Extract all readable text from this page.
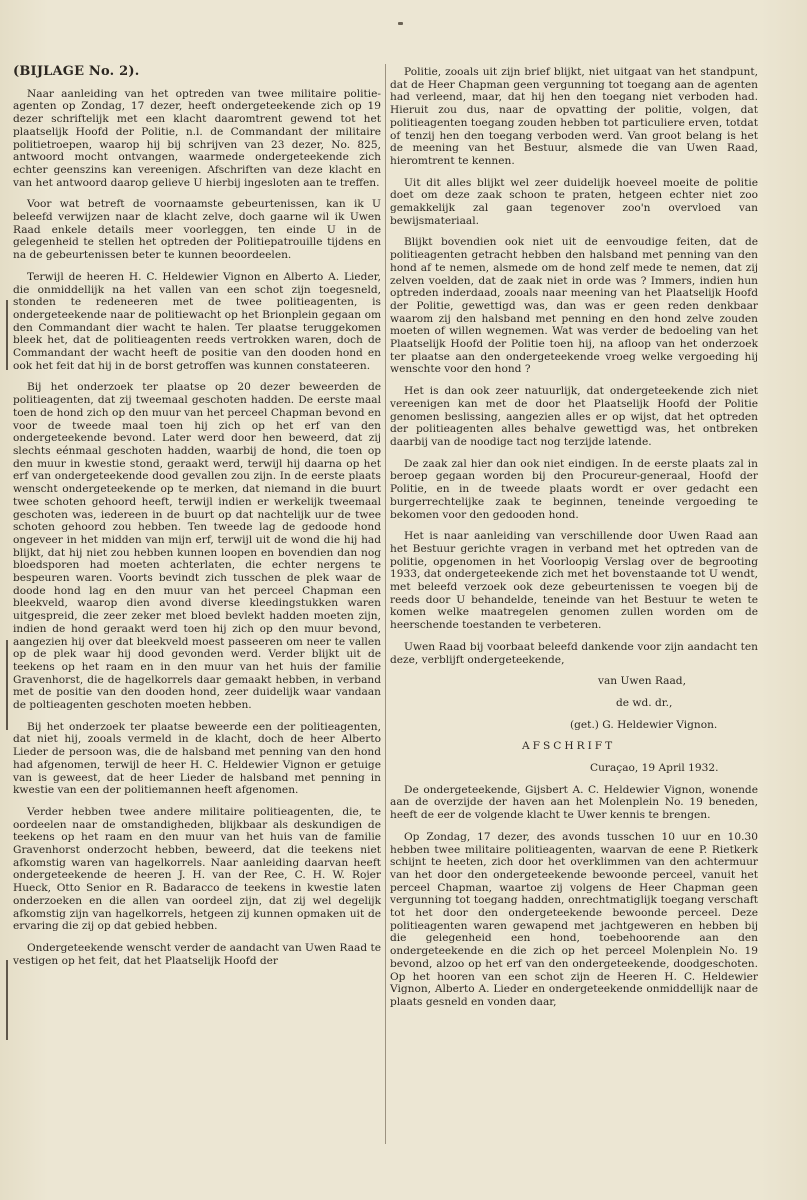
(BIJLAGE No. 2).

Naar aanleiding van het optreden van twee militaire politie-agenten op Zondag, 17 dezer, heeft ondergeteekende zich op 19 dezer schriftelijk met een klacht daaromtrent gewend tot het plaatselijk Hoofd der Politie, n.l. de Commandant der militaire politietroepen, waarop hij bij schrijven van 23 dezer, No. 825, antwoord mocht ontvangen, waarmede ondergeteekende zich echter geenszins kan vereenigen. Afschriften van deze klacht en van het antwoord daarop gelieve U hierbij ingesloten aan te treffen.

Voor wat betreft de voornaamste gebeurtenissen, kan ik U beleefd verwijzen naar de klacht zelve, doch gaarne wil ik Uwen Raad enkele details meer voorleggen, ten einde U in de gelegenheid te stellen het optreden der Politiepatrouille tijdens en na de gebeurtenissen beter te kunnen beoordeelen.

Terwijl de heeren H. C. Heldewier Vignon en Alberto A. Lieder, die onmiddellijk na het vallen van een schot zijn toegesneld, stonden te redeneeren met de twee politieagenten, is ondergeteekende naar de politiewacht op het Brionplein gegaan om den Commandant dier wacht te halen. Ter plaatse teruggekomen bleek het, dat de politieagenten reeds vertrokken waren, doch de Commandant der wacht heeft de positie van den dooden hond en ook het feit dat hij in de borst getroffen was kunnen constateeren.

Bij het onderzoek ter plaatse op 20 dezer beweerden de politieagenten, dat zij tweemaal geschoten hadden. De eerste maal toen de hond zich op den muur van het perceel Chapman bevond en voor de tweede maal toen hij zich op het erf van den ondergeteekende bevond. Later werd door hen beweerd, dat zij slechts eénmaal geschoten hadden, waarbij de hond, die toen op den muur in kwestie stond, geraakt werd, terwijl hij daarna op het erf van ondergeteekende dood gevallen zou zijn. In de eerste plaats wenscht ondergeteekende op te merken, dat niemand in die buurt twee schoten gehoord heeft, terwijl indien er werkelijk tweemaal geschoten was, iedereen in de buurt op dat nachtelijk uur de twee schoten gehoord zou hebben. Ten tweede lag de gedoode hond ongeveer in het midden van mijn erf, terwijl uit de wond die hij had blijkt, dat hij niet zou hebben kunnen loopen en bovendien dan nog bloedsporen had moeten achterlaten, die echter nergens te bespeuren waren. Voorts bevindt zich tusschen de plek waar de doode hond lag en den muur van het perceel Chapman een bleekveld, waarop dien avond diverse kleedingstukken waren uitgespreid, die zeer zeker met bloed bevlekt hadden moeten zijn, indien de hond geraakt werd toen hij zich op den muur bevond, aangezien hij over dat bleekveld moest passeeren om neer te vallen op de plek waar hij dood gevonden werd. Verder blijkt uit de teekens op het raam en in den muur van het huis der familie Gravenhorst, die de hagelkorrels daar gemaakt hebben, in verband met de positie van den dooden hond, zeer duidelijk waar vandaan de poltieagenten geschoten moeten hebben.

Bij het onderzoek ter plaatse beweerde een der politieagenten, dat niet hij, zooals vermeld in de klacht, doch de heer Alberto Lieder de persoon was, die de halsband met penning van den hond had afgenomen, terwijl de heer H. C. Heldewier Vignon er getuige van is geweest, dat de heer Lieder de halsband met penning in kwestie van een der politiemannen heeft afgenomen.

Verder hebben twee andere militaire politieagenten, die, te oordeelen naar de omstandigheden, blijkbaar als deskundigen de teekens op het raam en den muur van het huis van de familie Gravenhorst onderzocht hebben, beweerd, dat die teekens niet afkomstig waren van hagelkorrels. Naar aanleiding daarvan heeft ondergeteekende de heeren J. H. van der Ree, C. H. W. Rojer Hueck, Otto Senior en R. Badaracco de teekens in kwestie laten onderzoeken en die allen van oordeel zijn, dat zij wel degelijk afkomstig zijn van hagelkorrels, hetgeen zij kunnen opmaken uit de ervaring die zij op dat gebied hebben.

Ondergeteekende wenscht verder de aandacht van Uwen Raad te vestigen op het feit, dat het Plaatselijk Hoofd der

Politie, zooals uit zijn brief blijkt, niet uitgaat van het standpunt, dat de Heer Chapman geen vergunning tot toegang aan de agenten had verleend, maar, dat hij hen den toegang niet verboden had. Hieruit zou dus, naar de opvatting der politie, volgen, dat politieagenten toegang zouden hebben tot particuliere erven, totdat of tenzij hen den toegang verboden werd. Van groot belang is het de meening van het Bestuur, alsmede die van Uwen Raad, hieromtrent te kennen.

Uit dit alles blijkt wel zeer duidelijk hoeveel moeite de politie doet om deze zaak schoon te praten, hetgeen echter niet zoo gemakkelijk zal gaan tegenover zoo'n overvloed van bewijsmateriaal.

Blijkt bovendien ook niet uit de eenvoudige feiten, dat de politieagenten getracht hebben den halsband met penning van den hond af te nemen, alsmede om de hond zelf mede te nemen, dat zij zelven voelden, dat de zaak niet in orde was ? Immers, indien hun optreden inderdaad, zooals naar meening van het Plaatselijk Hoofd der Politie, gewettigd was, dan was er geen reden denkbaar waarom zij den halsband met penning en den hond zelve zouden moeten of willen wegnemen. Wat was verder de bedoeling van het Plaatselijk Hoofd der Politie toen hij, na afloop van het onderzoek ter plaatse aan den ondergeteekende vroeg welke vergoeding hij wenschte voor den hond ?

Het is dan ook zeer natuurlijk, dat ondergeteekende zich niet vereenigen kan met de door het Plaatselijk Hoofd der Politie genomen beslissing, aangezien alles er op wijst, dat het optreden der politieagenten alles behalve gewettigd was, het ontbreken daarbij van de noodige tact nog terzijde latende.

De zaak zal hier dan ook niet eindigen. In de eerste plaats zal in beroep gegaan worden bij den Procureur-generaal, Hoofd der Politie, en in de tweede plaats wordt er over gedacht een burgerrechtelijke zaak te beginnen, teneinde vergoeding te bekomen voor den gedooden hond.

Het is naar aanleiding van verschillende door Uwen Raad aan het Bestuur gerichte vragen in verband met het optreden van de politie, opgenomen in het Voorloopig Verslag over de begrooting 1933, dat ondergeteekende zich met het bovenstaande tot U wendt, met beleefd verzoek ook deze gebeurtenissen te voegen bij de reeds door U behandelde, teneinde van het Bestuur te weten te komen welke maatregelen genomen zullen worden om de heerschende toestanden te verbeteren.

Uwen Raad bij voorbaat beleefd dankende voor zijn aandacht ten deze, verblijft ondergeteekende,

van Uwen Raad,

de wd. dr.,

(get.) G. Heldewier Vignon.

AFSCHRIFT

Curaçao, 19 April 1932.

De ondergeteekende, Gijsbert A. C. Heldewier Vignon, wonende aan de overzijde der haven aan het Molenplein No. 19 beneden, heeft de eer de volgende klacht te Uwer kennis te brengen.

Op Zondag, 17 dezer, des avonds tusschen 10 uur en 10.30 hebben twee militaire politieagenten, waarvan de eene P. Rietkerk schijnt te heeten, zich door het overklimmen van den achtermuur van het door den ondergeteekende bewoonde perceel, vanuit het perceel Chapman, waartoe zij volgens de Heer Chapman geen vergunning tot toegang hadden, onrechtmatiglijk toegang verschaft tot het door den ondergeteekende bewoonde perceel. Deze politieagenten waren gewapend met jachtgeweren en hebben bij die gelegenheid een hond, toebehoorende aan den ondergeteekende en die zich op het perceel Molenplein No. 19 bevond, alzoo op het erf van den ondergeteekende, doodgeschoten. Op het hooren van een schot zijn de Heeren H. C. Heldewier Vignon, Alberto A. Lieder en ondergeteekende onmiddellijk naar de plaats gesneld en vonden daar,
